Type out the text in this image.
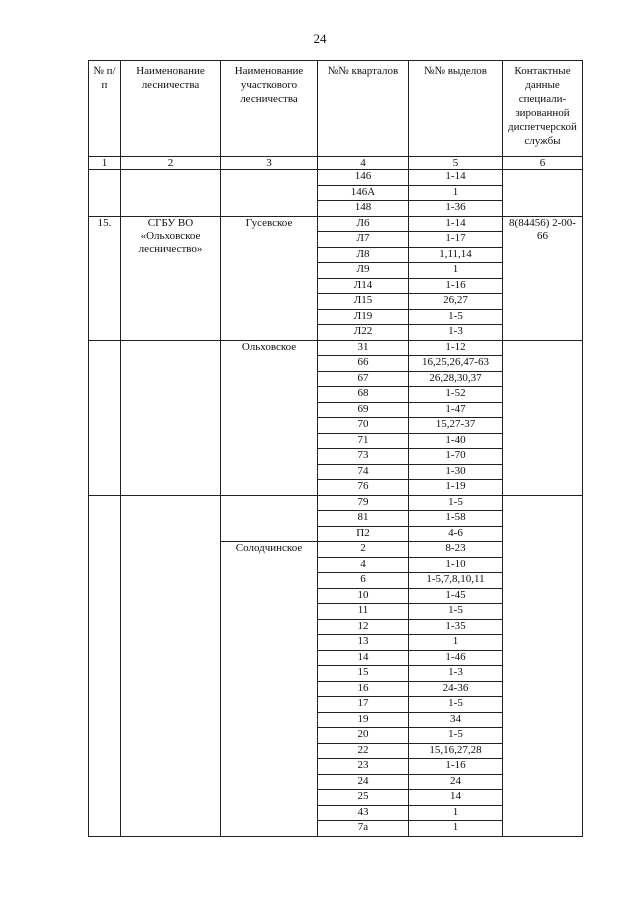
24
№ п/п	Наименование лесничества	Наименование участкового лесничества	№№ кварталов	№№ выделов	Контактные данные специали-зированной диспетчерской службы
1	2	3	4	5	6
			146	1-14	
			146А	1	
			148	1-36	
15.	СГБУ ВО «Ольховское лесничество»	Гусевское	Л6	1-14	8(84456) 2-00-66
			Л7	1-17	
			Л8	1,11,14	
			Л9	1	
			Л14	1-16	
			Л15	26,27	
			Л19	1-5	
			Л22	1-3	
		Ольховское	31	1-12	
			66	16,25,26,47-63	
			67	26,28,30,37	
			68	1-52	
			69	1-47	
			70	15,27-37	
			71	1-40	
			73	1-70	
			74	1-30	
			76	1-19	
			79	1-5	
			81	1-58	
			П2	4-6	
		Солодчинское	2	8-23	
			4	1-10	
			6	1-5,7,8,10,11	
			10	1-45	
			11	1-5	
			12	1-35	
			13	1	
			14	1-46	
			15	1-3	
			16	24-36	
			17	1-5	
			19	34	
			20	1-5	
			22	15,16,27,28	
			23	1-16	
			24	24	
			25	14	
			43	1	
			7а	1	
